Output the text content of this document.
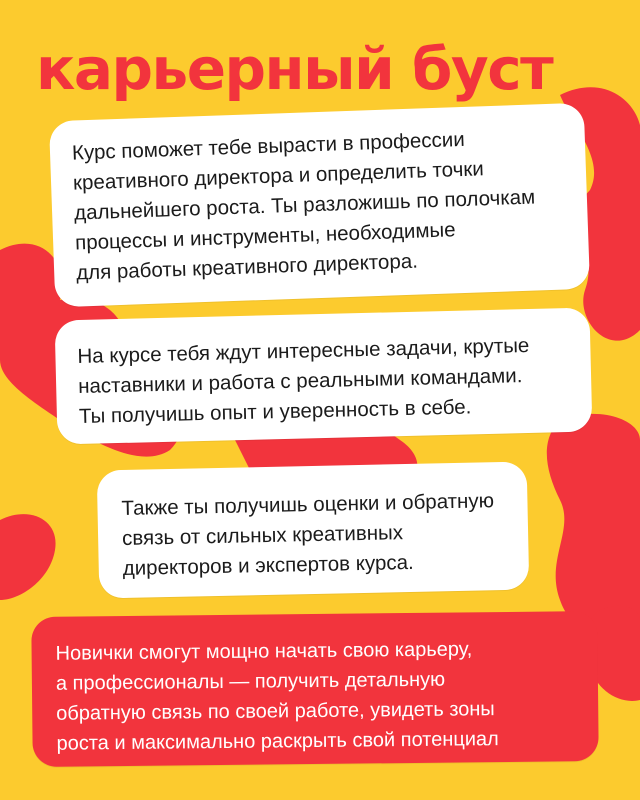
карьерный буст

Курс поможет тебе вырасти в профессии
креативного директора и определить точки
дальнейшего роста. Ты разложишь по полочкам
процессы и инструменты, необходимые
для работы креативного директора.

На курсе тебя ждут интересные задачи, крутые
наставники и работа с реальными командами.
Ты получишь опыт и уверенность в себе.

Также ты получишь оценки и обратную
связь от сильных креативных
директоров и экспертов курса.

Новички смогут мощно начать свою карьеру,
а профессионалы — получить детальную
обратную связь по своей работе, увидеть зоны
роста и максимально раскрыть свой потенциал
